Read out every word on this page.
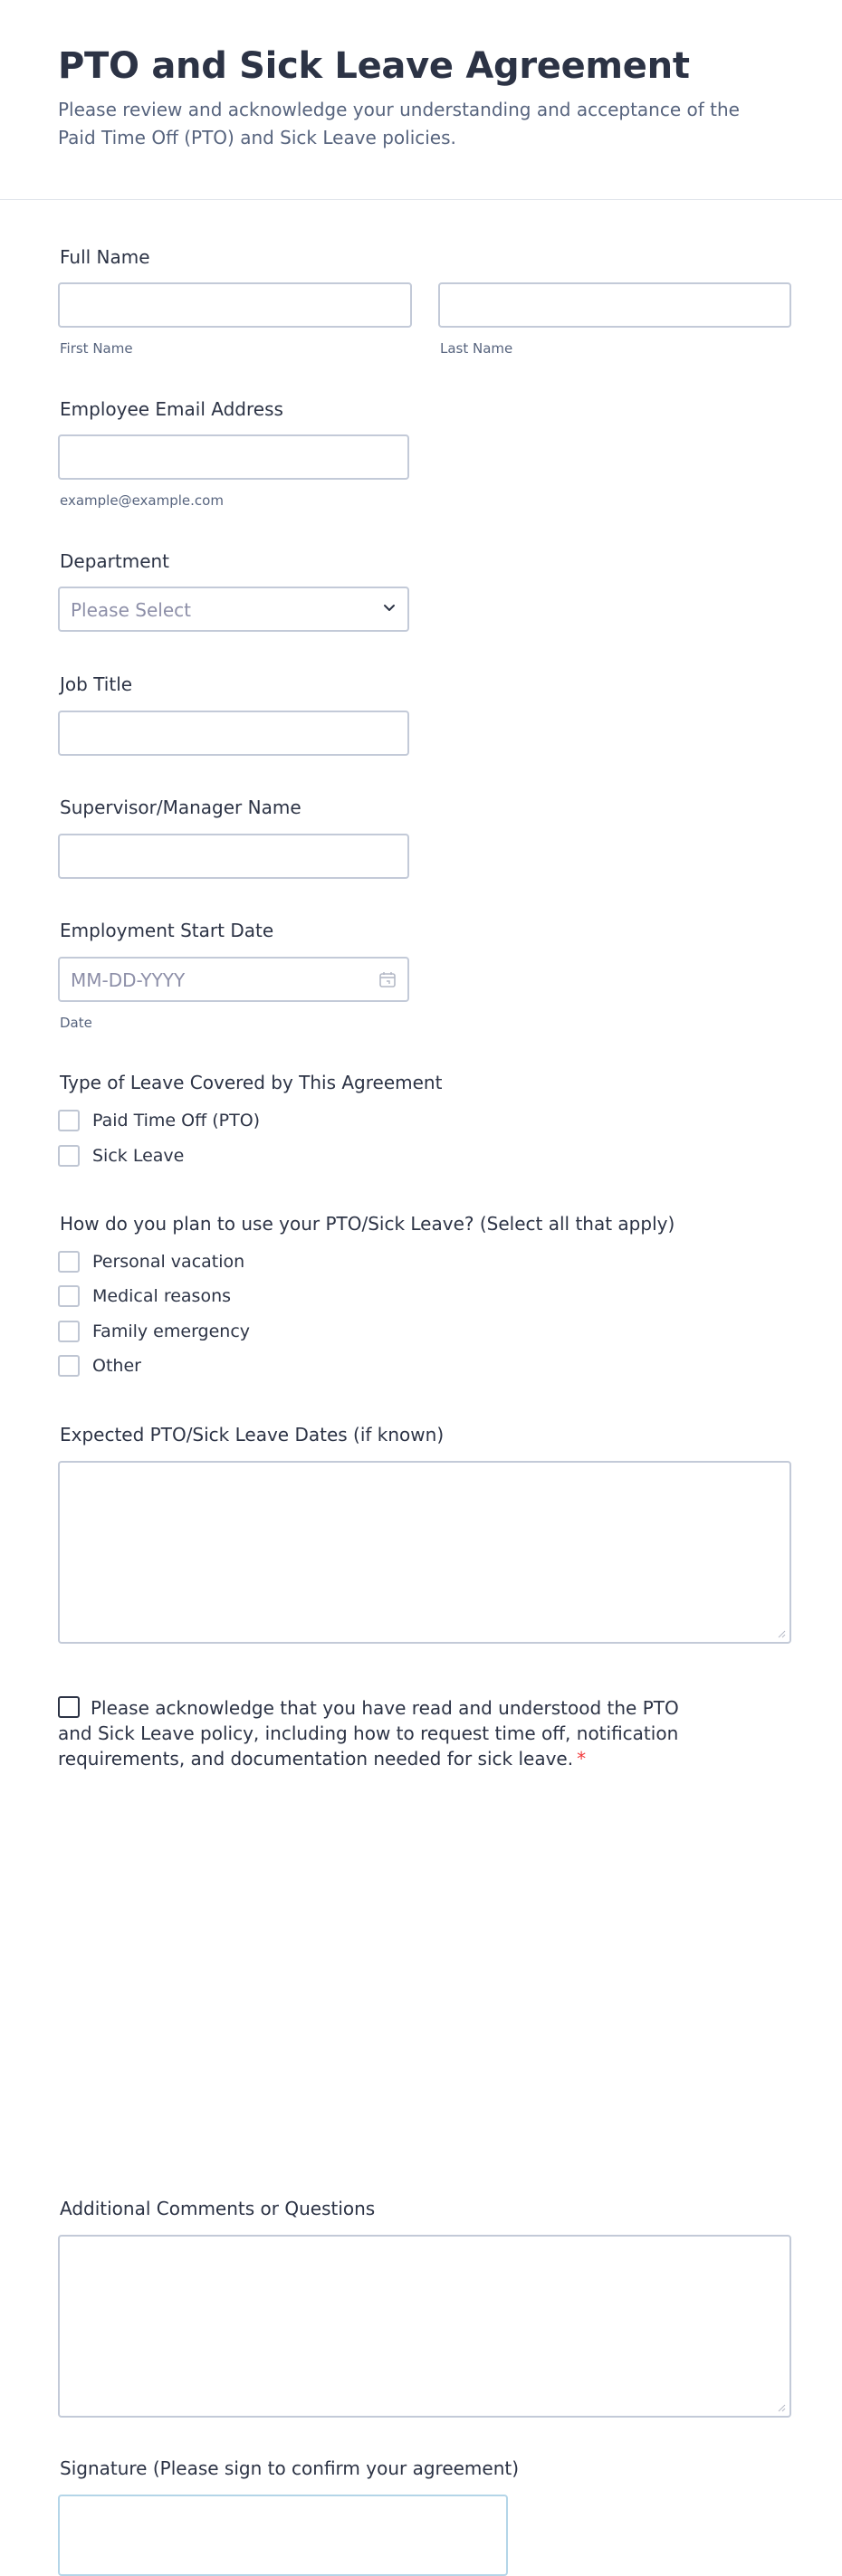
PTO and Sick Leave Agreement

Please review and acknowledge your understanding and acceptance of the Paid Time Off (PTO) and Sick Leave policies.

Full Name
First Name	Last Name
Employee Email Address
example@example.com
Department
Please Select
Job Title
Supervisor/Manager Name
Employment Start Date
MM-DD-YYYY
Date
Type of Leave Covered by This Agreement
Paid Time Off (PTO)
Sick Leave
How do you plan to use your PTO/Sick Leave? (Select all that apply)
Personal vacation
Medical reasons
Family emergency
Other
Expected PTO/Sick Leave Dates (if known)
Please acknowledge that you have read and understood the PTO and Sick Leave policy, including how to request time off, notification requirements, and documentation needed for sick leave. *
Additional Comments or Questions
Signature (Please sign to confirm your agreement)
